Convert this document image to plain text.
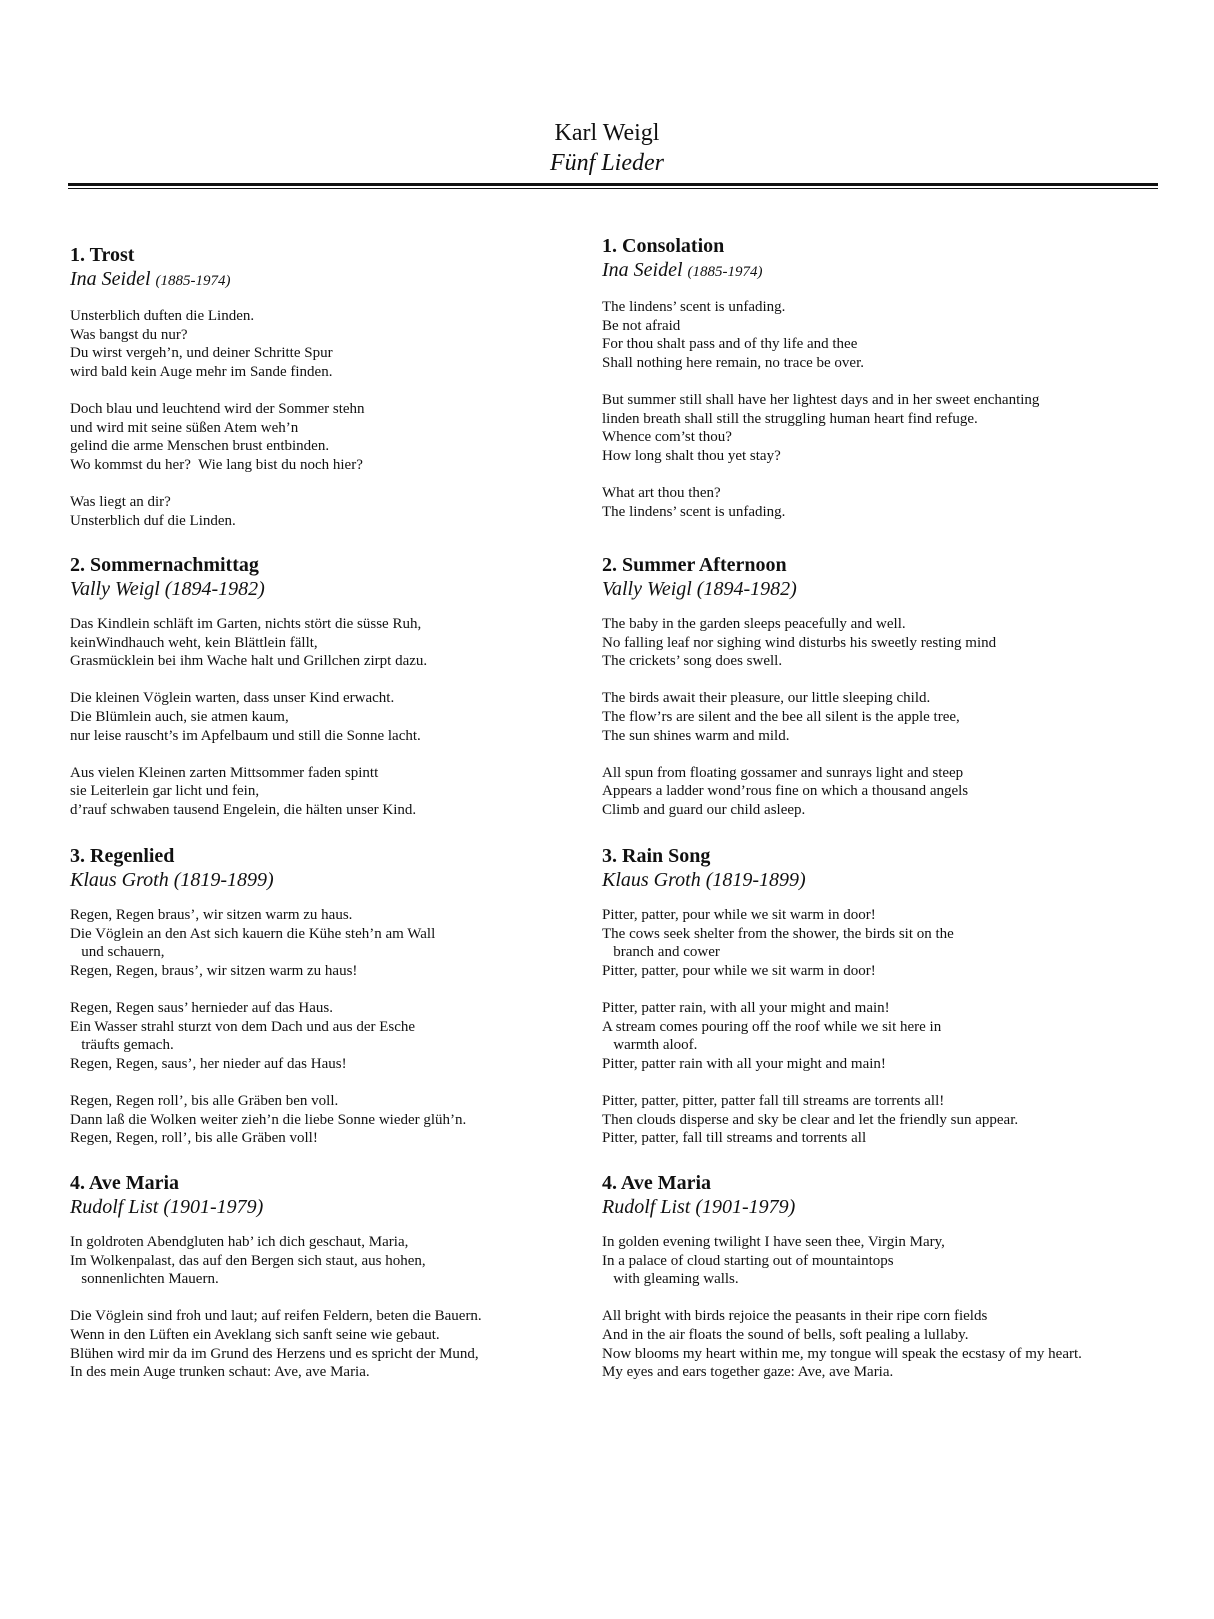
Karl Weigl
Fünf Lieder
1. Trost
Ina Seidel (1885-1974)
Unsterblich duften die Linden.
Was bangst du nur?
Du wirst vergeh’n, und deiner Schritte Spur
wird bald kein Auge mehr im Sande finden.
Doch blau und leuchtend wird der Sommer stehn
und wird mit seine süßen Atem weh’n
gelind die arme Menschen brust entbinden.
Wo kommst du her?  Wie lang bist du noch hier?
Was liegt an dir?
Unsterblich duf die Linden.
1. Consolation
Ina Seidel (1885-1974)
The lindens’ scent is unfading.
Be not afraid
For thou shalt pass and of thy life and thee
Shall nothing here remain, no trace be over.
But summer still shall have her lightest days and in her sweet enchanting
linden breath shall still the struggling human heart find refuge.
Whence com’st thou?
How long shalt thou yet stay?
What art thou then?
The lindens’ scent is unfading.
2. Sommernachmittag
Vally Weigl (1894-1982)
Das Kindlein schläft im Garten, nichts stört die süsse Ruh,
keinWindhauch weht, kein Blättlein fällt,
Grasmücklein bei ihm Wache halt und Grillchen zirpt dazu.
Die kleinen Vöglein warten, dass unser Kind erwacht.
Die Blümlein auch, sie atmen kaum,
nur leise rauscht’s im Apfelbaum und still die Sonne lacht.
Aus vielen Kleinen zarten Mittsommer faden spintt
sie Leiterlein gar licht und fein,
d’rauf schwaben tausend Engelein, die hälten unser Kind.
2. Summer Afternoon
Vally Weigl (1894-1982)
The baby in the garden sleeps peacefully and well.
No falling leaf nor sighing wind disturbs his sweetly resting mind
The crickets’ song does swell.
The birds await their pleasure, our little sleeping child.
The flow’rs are silent and the bee all silent is the apple tree,
The sun shines warm and mild.
All spun from floating gossamer and sunrays light and steep
Appears a ladder wond’rous fine on which a thousand angels
Climb and guard our child asleep.
3. Regenlied
Klaus Groth (1819-1899)
Regen, Regen braus’, wir sitzen warm zu haus.
Die Vöglein an den Ast sich kauern die Kühe steh’n am Wall
und schauern,
Regen, Regen, braus’, wir sitzen warm zu haus!
Regen, Regen saus’ hernieder auf das Haus.
Ein Wasser strahl sturzt von dem Dach und aus der Esche
träufts gemach.
Regen, Regen, saus’, her nieder auf das Haus!
Regen, Regen roll’, bis alle Gräben ben voll.
Dann laß die Wolken weiter zieh’n die liebe Sonne wieder glüh’n.
Regen, Regen, roll’, bis alle Gräben voll!
3. Rain Song
Klaus Groth (1819-1899)
Pitter, patter, pour while we sit warm in door!
The cows seek shelter from the shower, the birds sit on the
branch and cower
Pitter, patter, pour while we sit warm in door!
Pitter, patter rain, with all your might and main!
A stream comes pouring off the roof while we sit here in
warmth aloof.
Pitter, patter rain with all your might and main!
Pitter, patter, pitter, patter fall till streams are torrents all!
Then clouds disperse and sky be clear and let the friendly sun appear.
Pitter, patter, fall till streams and torrents all
4. Ave Maria
Rudolf List (1901-1979)
In goldroten Abendgluten hab’ ich dich geschaut, Maria,
Im Wolkenpalast, das auf den Bergen sich staut, aus hohen,
sonnenlichten Mauern.
Die Vöglein sind froh und laut; auf reifen Feldern, beten die Bauern.
Wenn in den Lüften ein Aveklang sich sanft seine wie gebaut.
Blühen wird mir da im Grund des Herzens und es spricht der Mund,
In des mein Auge trunken schaut: Ave, ave Maria.
4. Ave Maria
Rudolf List (1901-1979)
In golden evening twilight I have seen thee, Virgin Mary,
In a palace of cloud starting out of mountaintops
with gleaming walls.
All bright with birds rejoice the peasants in their ripe corn fields
And in the air floats the sound of bells, soft pealing a lullaby.
Now blooms my heart within me, my tongue will speak the ecstasy of my heart.
My eyes and ears together gaze: Ave, ave Maria.
